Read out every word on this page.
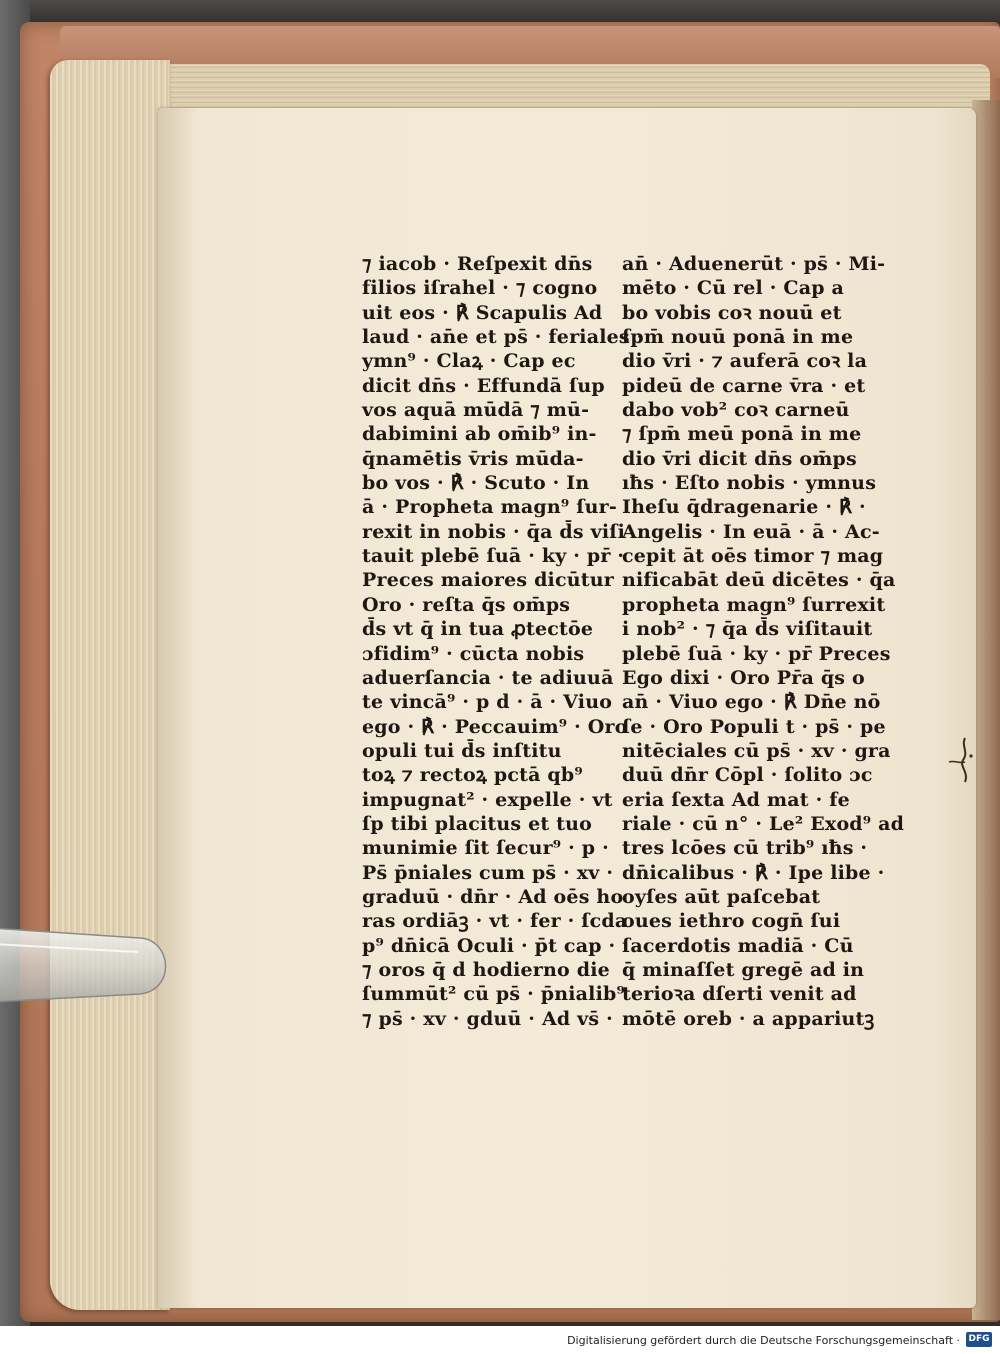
⁊ iacob · Reſpexit dn̄s
filios iſrahel · ⁊ cogno
uit eos · ℟ Scapulis Ad
laud · an̄e et ps̄ · feriales ·
ymn⁹ · Claꝝ · Cap ec
dicit dn̄s · Effundā ſup
vos aquā mūdā ⁊ mū-
dabimini ab om̄ib⁹ in-
q̄namētis v̄ris mūda-
bo vos · ℟ · Scuto · In
ā · Propheta magn⁹ ſur-
rexit in nobis · q̄a d̄s viſi
tauit plebē ſuā · ky · pr̄ ·
Preces maiores dicūtur
Oro · reſta q̄s om̄ps
d̄s vt q̄ in tua ꝓtectōe
ɔfidim⁹ · cūcta nobis
aduerſancia · te adiuuā
te vincā⁹ · p d · ā · Viuo
ego · ℟ · Peccauim⁹ · Oro
opuli tui d̄s inſtitu
toꝝ ⁊ rectoꝝ pctā qb⁹
impugnat² · expelle · vt
ſp tibi placitus et tuo
munimie ſit ſecur⁹ · p ·
Ps̄ p̄niales cum ps̄ · xv ·
graduū · dn̄r · Ad oēs ho
ras ordiāꝫ · vt · fer · ſcda
p⁹ dn̄icā Oculi · p̄t cap ·
⁊ oros q̄ d hodierno die
ſummūt² cū ps̄ · p̄nialib⁹
⁊ ps̄ · xv · gduū · Ad vs̄ ·
an̄ · Aduenerūt · ps̄ · Mi-
mēto · Cū rel · Cap a
bo vobis coꝛ nouū et
ſpm̄ nouū ponā in me
dio v̄ri · ⁊ auferā coꝛ la
pideū de carne v̄ra · et
dabo vob² coꝛ carneū
⁊ ſpm̄ meū ponā in me
dio v̄ri dicit dn̄s om̄ps
ıħs · Eſto nobis · ymnus
Iheſu q̄dragenarie · ℟ ·
Angelis · In euā · ā · Ac-
cepit āt oēs timor ⁊ mag
nificabāt deū dicētes · q̄a
propheta magn⁹ ſurrexit
i nob² · ⁊ q̄a d̄s viſitauit
plebē ſuā · ky · pr̄ Preces
Ego dixi · Oro Pr̄a q̄s o
an̄ · Viuo ego · ℟ Dn̄e nō
ſe · Oro Populi t · ps̄ · pe
nitēciales cū ps̄ · xv · gra
duū dn̄r Cōpl · ſolito ɔc
eria ſexta Ad mat · fe
riale · cū n° · Le² Exod⁹ ad
tres lcōes cū trib⁹ ıħs ·
dn̄icalibus · ℟ · Ipe libe ·
oyſes aūt paſcebat
oues iethro cogn̄ ſui
ſacerdotis madiā · Cū
q̄ minaſſet gregē ad in
terioꝛa dſerti venit ad
mōtē oreb · a appariutꝫ
Digitalisierung gefördert durch die Deutsche Forschungsgemeinschaft · DFG
